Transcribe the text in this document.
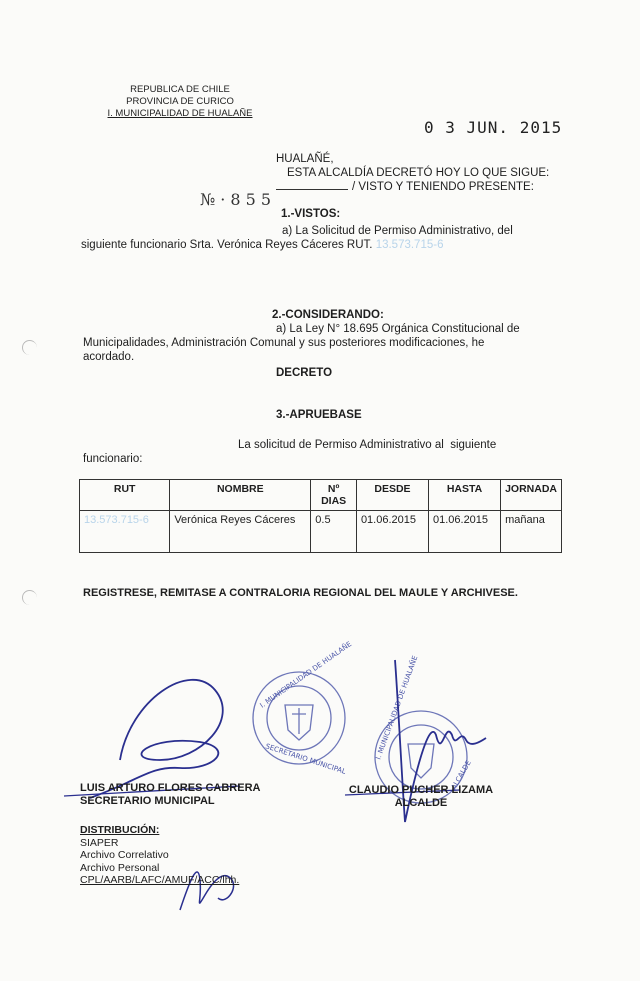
REPUBLICA DE CHILE
PROVINCIA DE CURICO
I. MUNICIPALIDAD DE HUALAÑE
0 3 JUN. 2015
HUALAÑÉ,
ESTA ALCALDÍA DECRETÓ HOY LO QUE SIGUE:
/ VISTO Y TENIENDO PRESENTE:
№ · 8 5 5
1.-VISTOS:
a) La Solicitud de Permiso Administrativo, del
siguiente funcionario Srta. Verónica Reyes Cáceres RUT. 13.573.715-6
2.-CONSIDERANDO:
a) La Ley N° 18.695 Orgánica Constitucional de
Municipalidades, Administración Comunal y sus posteriores modificaciones, he
acordado.
DECRETO
3.-APRUEBASE
La solicitud de Permiso Administrativo al  siguiente
funcionario:
RUT	NOMBRE	Nº DIAS	DESDE	HASTA	JORNADA
13.573.715-6	Verónica Reyes Cáceres	0.5	01.06.2015	01.06.2015	mañana
REGISTRESE, REMITASE A CONTRALORIA REGIONAL DEL MAULE Y ARCHIVESE.
I. MUNICIPALIDAD DE HUALAÑE
SECRETARIO MUNICIPAL	I. MUNICIPALIDAD DE HUALAÑE
ALCALDE
LUIS ARTURO FLORES CABRERA
SECRETARIO MUNICIPAL
CLAUDIO PUCHER LIZAMA
ALCALDE
DISTRIBUCIÓN:
SIAPER
Archivo Correlativo
Archivo Personal
CPL/AARB/LAFC/AMUF/ACC/lhh.
